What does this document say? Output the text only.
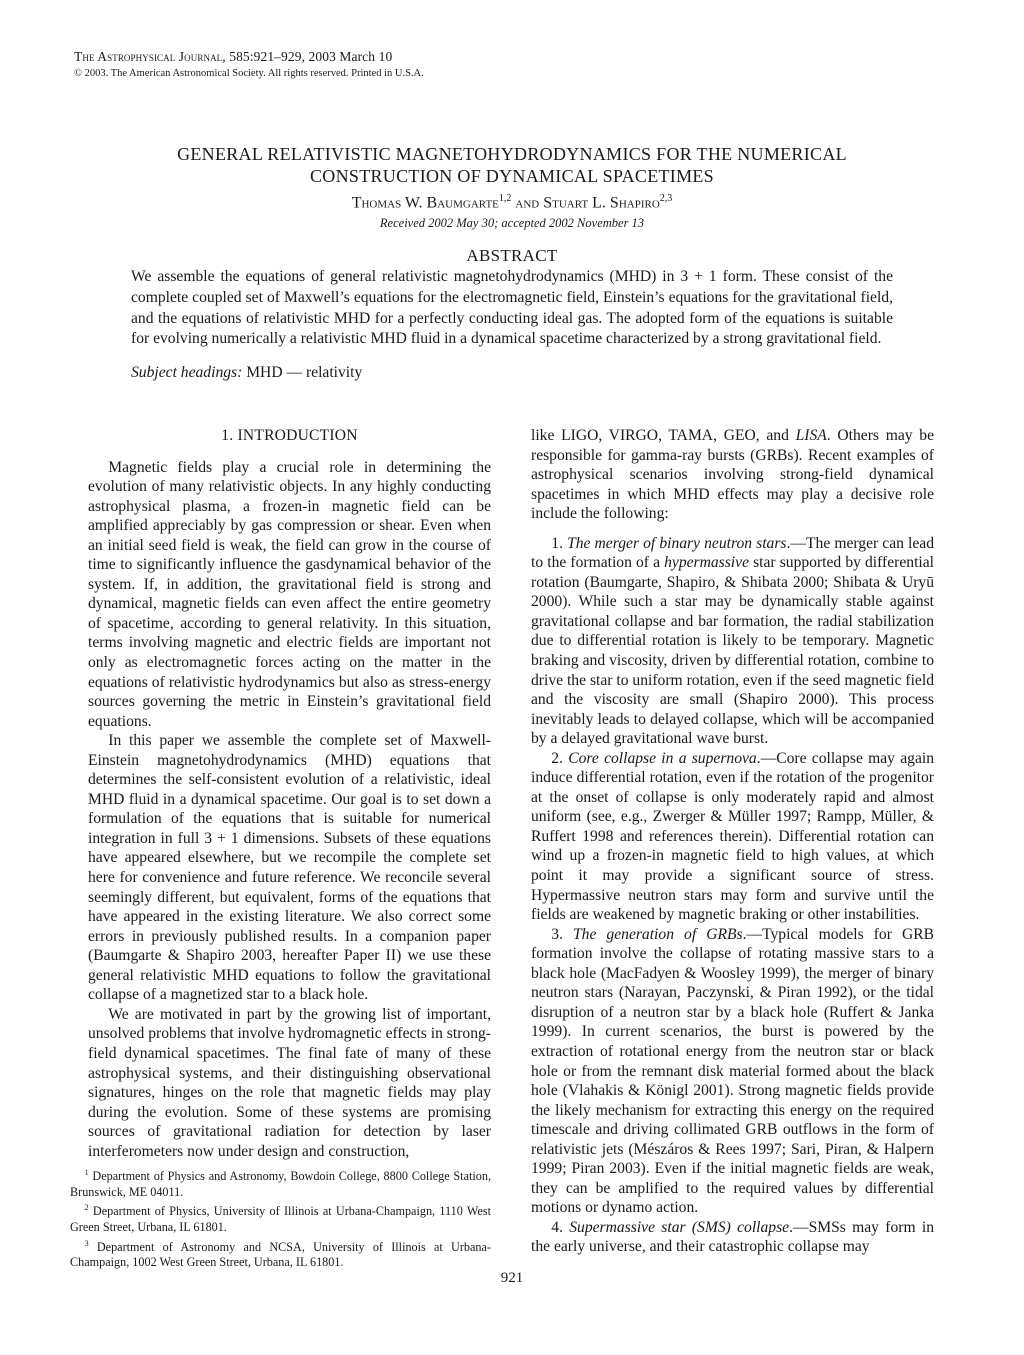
The Astrophysical Journal, 585:921–929, 2003 March 10
© 2003. The American Astronomical Society. All rights reserved. Printed in U.S.A.
GENERAL RELATIVISTIC MAGNETOHYDRODYNAMICS FOR THE NUMERICAL
CONSTRUCTION OF DYNAMICAL SPACETIMES
Thomas W. Baumgarte$^{1,2}$ and Stuart L. Shapiro$^{2,3}$
Received 2002 May 30; accepted 2002 November 13
ABSTRACT

We assemble the equations of general relativistic magnetohydrodynamics (MHD) in 3 + 1 form. These consist of the complete coupled set of Maxwell’s equations for the electromagnetic field, Einstein’s equations for the gravitational field, and the equations of relativistic MHD for a perfectly conducting ideal gas. The adopted form of the equations is suitable for evolving numerically a relativistic MHD fluid in a dynamical spacetime characterized by a strong gravitational field.

Subject headings: MHD — relativity
1. INTRODUCTION

Magnetic fields play a crucial role in determining the evolution of many relativistic objects. In any highly conducting astrophysical plasma, a frozen-in magnetic field can be amplified appreciably by gas compression or shear. Even when an initial seed field is weak, the field can grow in the course of time to significantly influence the gasdynamical behavior of the system. If, in addition, the gravitational field is strong and dynamical, magnetic fields can even affect the entire geometry of spacetime, according to general relativity. In this situation, terms involving magnetic and electric fields are important not only as electromagnetic forces acting on the matter in the equations of relativistic hydrodynamics but also as stress-energy sources governing the metric in Einstein’s gravitational field equations.

In this paper we assemble the complete set of Maxwell-Einstein magnetohydrodynamics (MHD) equations that determines the self-consistent evolution of a relativistic, ideal MHD fluid in a dynamical spacetime. Our goal is to set down a formulation of the equations that is suitable for numerical integration in full 3 + 1 dimensions. Subsets of these equations have appeared elsewhere, but we recompile the complete set here for convenience and future reference. We reconcile several seemingly different, but equivalent, forms of the equations that have appeared in the existing literature. We also correct some errors in previously published results. In a companion paper (Baumgarte & Shapiro 2003, hereafter Paper II) we use these general relativistic MHD equations to follow the gravitational collapse of a magnetized star to a black hole.

We are motivated in part by the growing list of important, unsolved problems that involve hydromagnetic effects in strong-field dynamical spacetimes. The final fate of many of these astrophysical systems, and their distinguishing observational signatures, hinges on the role that magnetic fields may play during the evolution. Some of these systems are promising sources of gravitational radiation for detection by laser interferometers now under design and construction,

like LIGO, VIRGO, TAMA, GEO, and LISA. Others may be responsible for gamma-ray bursts (GRBs). Recent examples of astrophysical scenarios involving strong-field dynamical spacetimes in which MHD effects may play a decisive role include the following:

1. The merger of binary neutron stars.—The merger can lead to the formation of a hypermassive star supported by differential rotation (Baumgarte, Shapiro, & Shibata 2000; Shibata & Uryū 2000). While such a star may be dynamically stable against gravitational collapse and bar formation, the radial stabilization due to differential rotation is likely to be temporary. Magnetic braking and viscosity, driven by differential rotation, combine to drive the star to uniform rotation, even if the seed magnetic field and the viscosity are small (Shapiro 2000). This process inevitably leads to delayed collapse, which will be accompanied by a delayed gravitational wave burst.

2. Core collapse in a supernova.—Core collapse may again induce differential rotation, even if the rotation of the progenitor at the onset of collapse is only moderately rapid and almost uniform (see, e.g., Zwerger & Müller 1997; Rampp, Müller, & Ruffert 1998 and references therein). Differential rotation can wind up a frozen-in magnetic field to high values, at which point it may provide a significant source of stress. Hypermassive neutron stars may form and survive until the fields are weakened by magnetic braking or other instabilities.

3. The generation of GRBs.—Typical models for GRB formation involve the collapse of rotating massive stars to a black hole (MacFadyen & Woosley 1999), the merger of binary neutron stars (Narayan, Paczynski, & Piran 1992), or the tidal disruption of a neutron star by a black hole (Ruffert & Janka 1999). In current scenarios, the burst is powered by the extraction of rotational energy from the neutron star or black hole or from the remnant disk material formed about the black hole (Vlahakis & Königl 2001). Strong magnetic fields provide the likely mechanism for extracting this energy on the required timescale and driving collimated GRB outflows in the form of relativistic jets (Mészáros & Rees 1997; Sari, Piran, & Halpern 1999; Piran 2003). Even if the initial magnetic fields are weak, they can be amplified to the required values by differential motions or dynamo action.

4. Supermassive star (SMS) collapse.—SMSs may form in the early universe, and their catastrophic collapse may

$^1$ Department of Physics and Astronomy, Bowdoin College, 8800 College Station, Brunswick, ME 04011.

$^2$ Department of Physics, University of Illinois at Urbana-Champaign, 1110 West Green Street, Urbana, IL 61801.

$^3$ Department of Astronomy and NCSA, University of Illinois at Urbana-Champaign, 1002 West Green Street, Urbana, IL 61801.

921
